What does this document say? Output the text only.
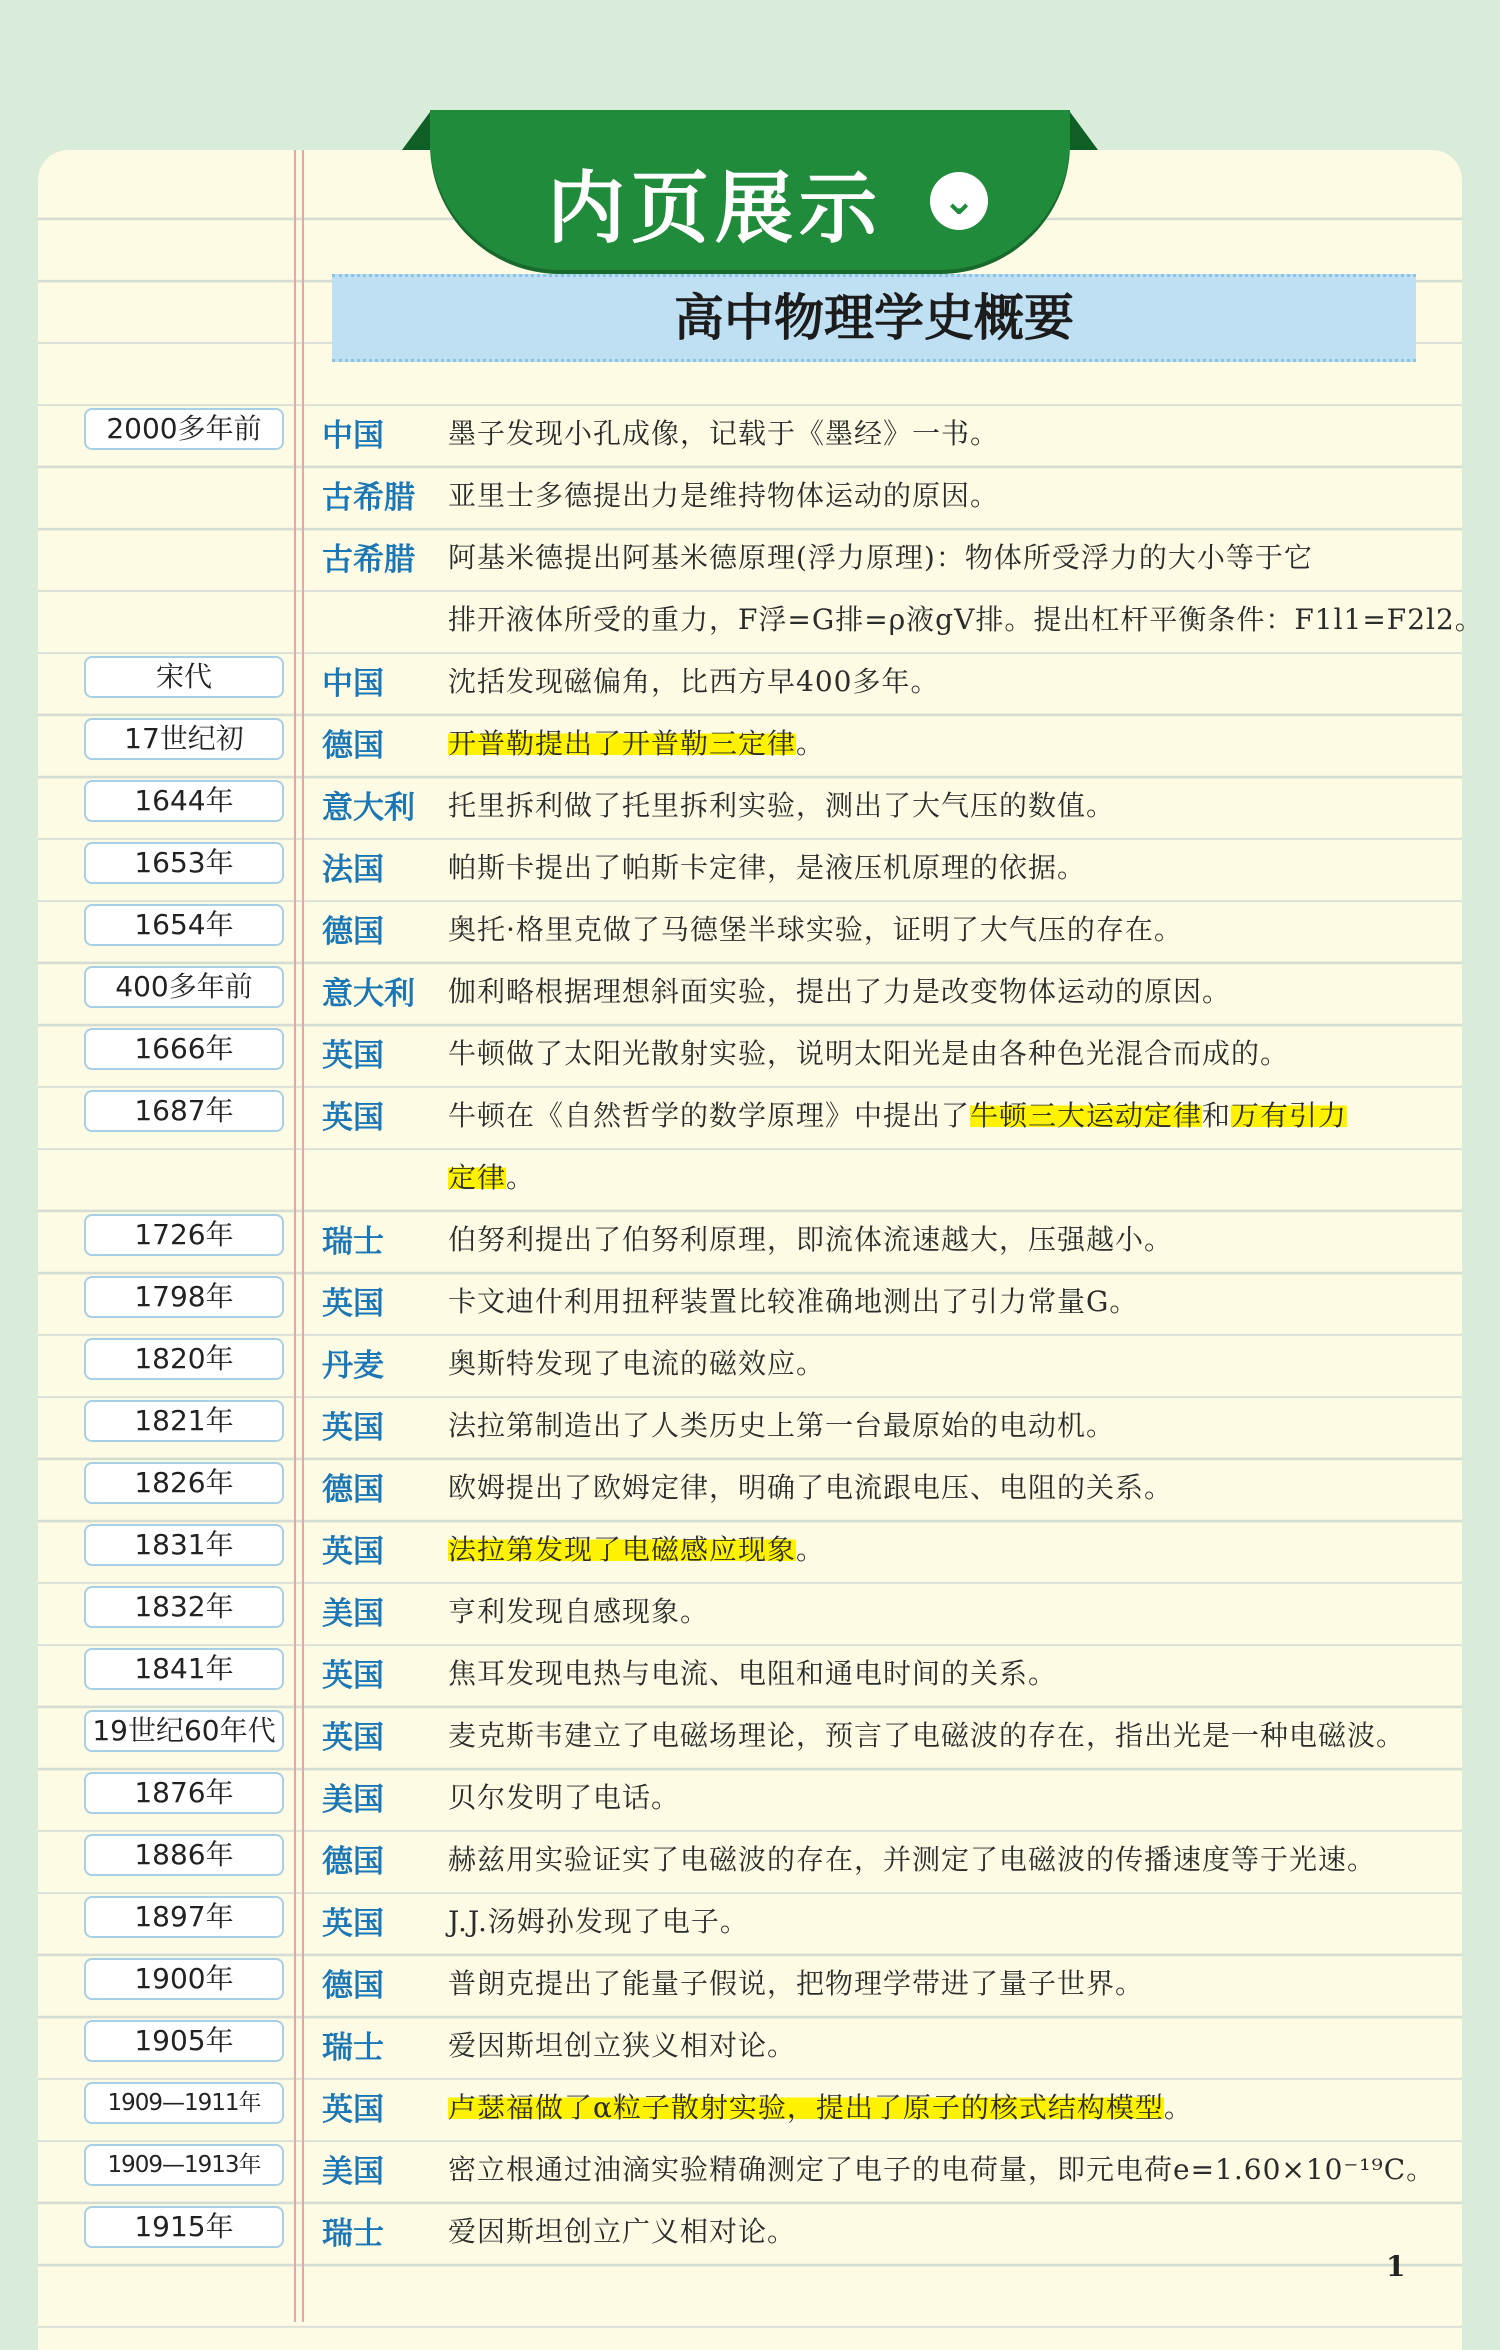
内页展示	⌄
高中物理学史概要
2000多年前	中国 墨子发现小孔成像，记载于《墨经》一书。
古希腊 亚里士多德提出力是维持物体运动的原因。
古希腊 阿基米德提出阿基米德原理(浮力原理)：物体所受浮力的大小等于它
排开液体所受的重力，F浮=G排=ρ液gV排。提出杠杆平衡条件：F1l1=F2l2。
宋代	中国 沈括发现磁偏角，比西方早400多年。
17世纪初	德国 开普勒提出了开普勒三定律。
1644年	意大利 托里拆利做了托里拆利实验，测出了大气压的数值。
1653年	法国 帕斯卡提出了帕斯卡定律，是液压机原理的依据。
1654年	德国 奥托·格里克做了马德堡半球实验，证明了大气压的存在。
400多年前	意大利 伽利略根据理想斜面实验，提出了力是改变物体运动的原因。
1666年	英国 牛顿做了太阳光散射实验，说明太阳光是由各种色光混合而成的。
1687年	英国 牛顿在《自然哲学的数学原理》中提出了牛顿三大运动定律和万有引力
定律。
1726年	瑞士 伯努利提出了伯努利原理，即流体流速越大，压强越小。
1798年	英国 卡文迪什利用扭秤装置比较准确地测出了引力常量G。
1820年	丹麦 奥斯特发现了电流的磁效应。
1821年	英国 法拉第制造出了人类历史上第一台最原始的电动机。
1826年	德国 欧姆提出了欧姆定律，明确了电流跟电压、电阻的关系。
1831年	英国 法拉第发现了电磁感应现象。
1832年	美国 亨利发现自感现象。
1841年	英国 焦耳发现电热与电流、电阻和通电时间的关系。
19世纪60年代 英国 麦克斯韦建立了电磁场理论，预言了电磁波的存在，指出光是一种电磁波。
1876年	美国 贝尔发明了电话。
1886年	德国 赫兹用实验证实了电磁波的存在，并测定了电磁波的传播速度等于光速。
1897年	英国 J.J.汤姆孙发现了电子。
1900年	德国 普朗克提出了能量子假说，把物理学带进了量子世界。
1905年	瑞士 爱因斯坦创立狭义相对论。
1909—1911年	英国 卢瑟福做了α粒子散射实验，提出了原子的核式结构模型。
1909—1913年	美国 密立根通过油滴实验精确测定了电子的电荷量，即元电荷e=1.60×10⁻¹⁹C。
1915年	瑞士 爱因斯坦创立广义相对论。
1
